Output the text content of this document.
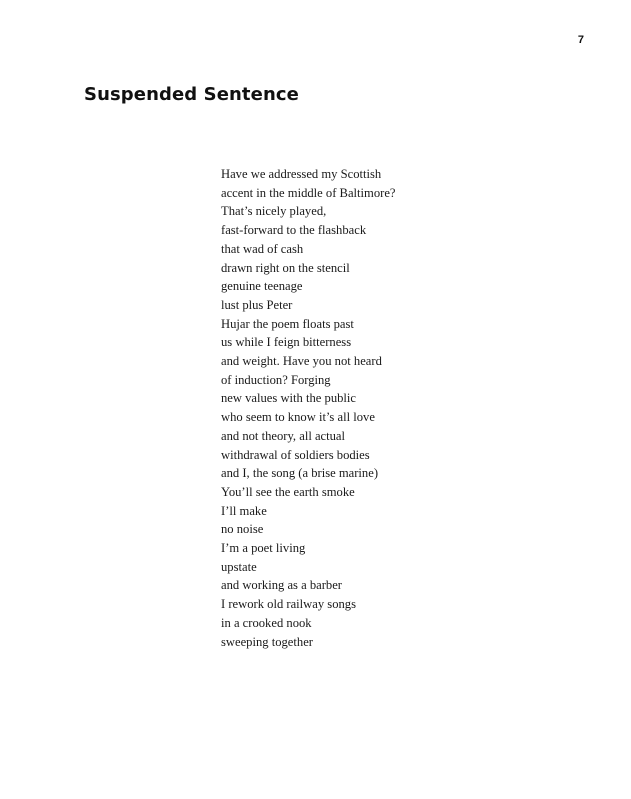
7
Suspended Sentence
Have we addressed my Scottish
accent in the middle of Baltimore?
That’s nicely played,
fast-forward to the flashback
that wad of cash
drawn right on the stencil
genuine teenage
lust plus Peter
Hujar the poem floats past
us while I feign bitterness
and weight. Have you not heard
of induction? Forging
new values with the public
who seem to know it’s all love
and not theory, all actual
withdrawal of soldiers bodies
and I, the song (a brise marine)
You’ll see the earth smoke
I’ll make
no noise
I’m a poet living
upstate
and working as a barber
I rework old railway songs
in a crooked nook
sweeping together
